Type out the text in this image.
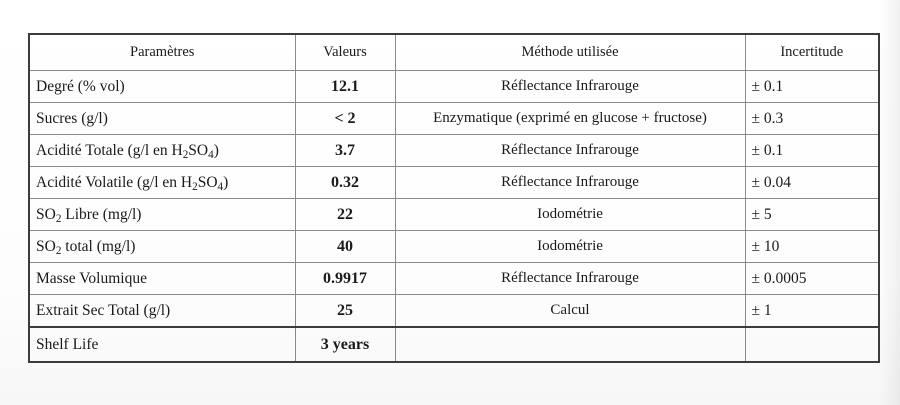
Paramètres	Valeurs	Méthode utilisée	Incertitude
Degré (% vol)	12.1	Réflectance Infrarouge	± 0.1
Sucres (g/l)	< 2	Enzymatique (exprimé en glucose + fructose)	± 0.3
Acidité Totale (g/l en $H_2SO_4$)	3.7	Réflectance Infrarouge	± 0.1
Acidité Volatile (g/l en $H_2SO_4$)	0.32	Réflectance Infrarouge	± 0.04
$SO_2$ Libre (mg/l)	22	Iodométrie	± 5
$SO_2$ total (mg/l)	40	Iodométrie	± 10
Masse Volumique	0.9917	Réflectance Infrarouge	± 0.0005
Extrait Sec Total (g/l)	25	Calcul	± 1
Shelf Life	3 years		
